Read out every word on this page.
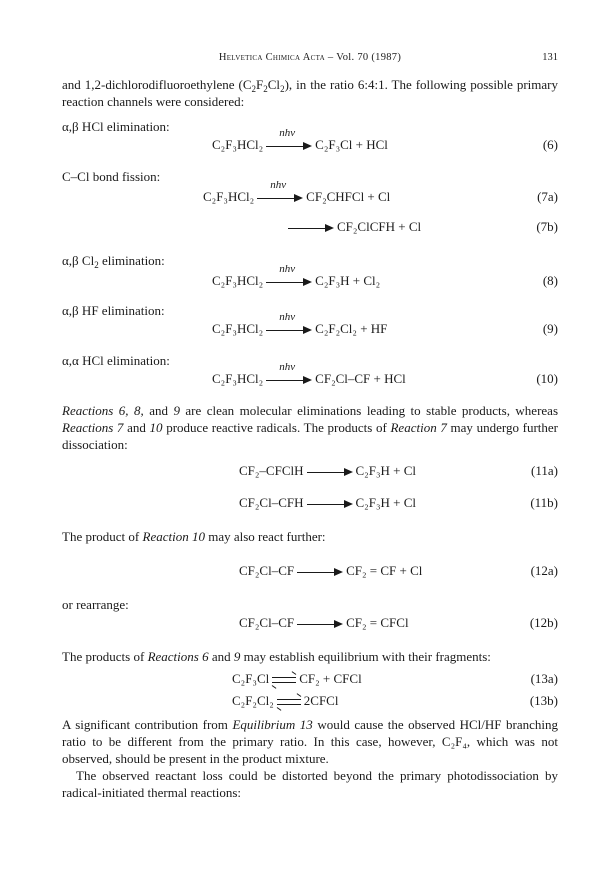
Helvetica Chimica Acta – Vol. 70 (1987)	131
and 1,2-dichlorodifluoroethylene $(C_2F_2Cl_2)$, in the ratio 6:4:1. The following possible primary reaction channels were considered:
α,β HCl elimination:
C₂F₃HCl₂
nhν
C₂F₃Cl + HCl	(6)
C–Cl bond fission:
C₂F₃HCl₂
nhν
CF₂CHFCl + Cl	(7a)
CF₂ClCFH + Cl	(7b)
α,β $Cl_2$ elimination:
C₂F₃HCl₂
nhν
C₂F₃H + Cl₂	(8)
α,β HF elimination:
C₂F₃HCl₂
nhν
C₂F₂Cl₂ + HF	(9)
α,α HCl elimination:
C₂F₃HCl₂
nhν
CF₂Cl–CF + HCl	(10)
Reactions 6, 8, and 9 are clean molecular eliminations leading to stable products, whereas Reactions 7 and 10 produce reactive radicals. The products of Reaction 7 may undergo further dissociation:
CF₂–CFClH	C₂F₃H + Cl	(11a)
CF₂Cl–CFH	C₂F₃H + Cl	(11b)
The product of Reaction 10 may also react further:
CF₂Cl–CF	CF₂ = CF + Cl	(12a)
or rearrange:
CF₂Cl–CF	CF₂ = CFCl	(12b)
The products of Reactions 6 and 9 may establish equilibrium with their fragments:
C₂F₃Cl CF₂ + CFCl	(13a)
C₂F₂Cl₂ 2CFCl	(13b)
A significant contribution from Equilibrium 13 would cause the observed HCl/HF branching ratio to be different from the primary ratio. In this case, however, C₂F₄, which was not observed, should be present in the product mixture.
The observed reactant loss could be distorted beyond the primary photodissociation by radical-initiated thermal reactions:
